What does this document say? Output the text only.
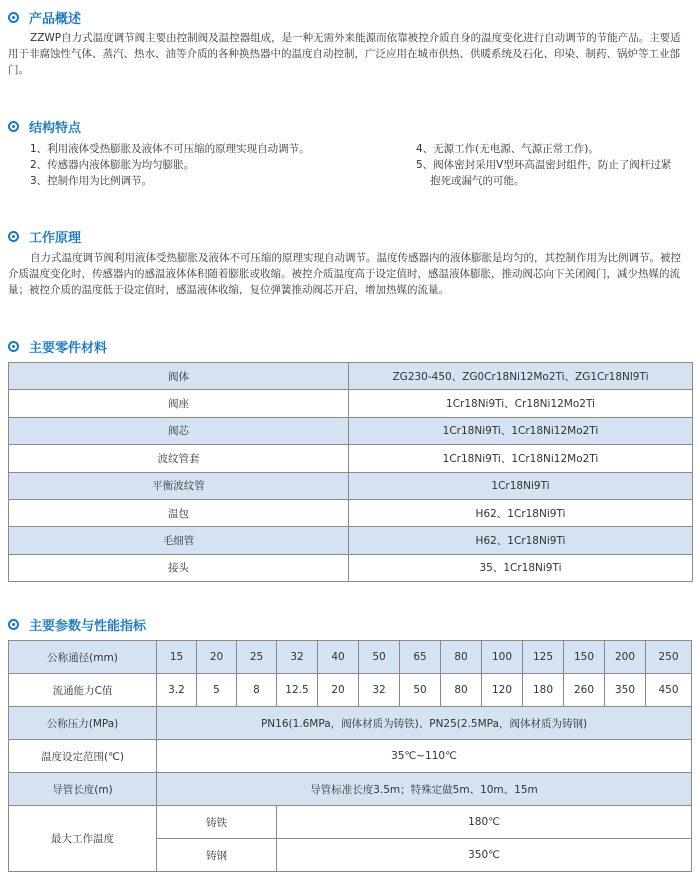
产品概述
ZZWP自力式温度调节阀主要由控制阀及温控器组成，是一种无需外来能源而依靠被控介质自身的温度变化进行自动调节的节能产品。主要适用于非腐蚀性气体、蒸汽、热水、油等介质的各种换热器中的温度自动控制，广泛应用在城市供热、供暖系统及石化、印染、制药、锅炉等工业部门。
结构特点
1、利用液体受热膨胀及液体不可压缩的原理实现自动调节。
2、传感器内液体膨胀为均匀膨胀。
3、控制作用为比例调节。
4、无源工作(无电源、气源正常工作)。
5、阀体密封采用V型环高温密封组件，防止了阀杆过紧
抱死或漏气的可能。
工作原理
自力式温度调节阀利用液体受热膨胀及液体不可压缩的原理实现自动调节。温度传感器内的液体膨胀是均匀的，其控制作用为比例调节。被控介质温度变化时，传感器内的感温液体体积随着膨胀或收缩。被控介质温度高于设定值时，感温液体膨胀，推动阀芯向下关闭阀门，减少热媒的流量；被控介质的温度低于设定值时，感温液体收缩，复位弹簧推动阀芯开启，增加热媒的流量。
主要零件材料
阀体	ZG230-450、ZG0Cr18Ni12Mo2Ti、ZG1Cr18Nl9Ti
阀座	1Cr18Ni9Ti、Cr18Ni12Mo2Ti
阀芯	1Cr18Ni9Ti、1Cr18Ni12Mo2Ti
波纹管套	1Cr18Ni9Ti、1Cr18Ni12Mo2Ti
平衡波纹管	1Cr18Ni9Ti
温包	H62、1Cr18Ni9Ti
毛细管	H62、1Cr18Ni9Ti
接头	35、1Cr18Ni9Ti
主要参数与性能指标
公称通径(mm)	15	20	25	32	40	50	65	80	100	125	150	200	250
流通能力C值	3.2	5	8	12.5	20	32	50	80	120	180	260	350	450
公称压力(MPa)	PN16(1.6MPa，阀体材质为铸铁)、PN25(2.5MPa，阀体材质为铸钢)												
温度设定范围(℃)	35℃~110℃												
导管长度(m)	导管标准长度3.5m；特殊定做5m、10m、15m												
最大工作温度	铸铁			180℃									
	铸钢			350℃									
